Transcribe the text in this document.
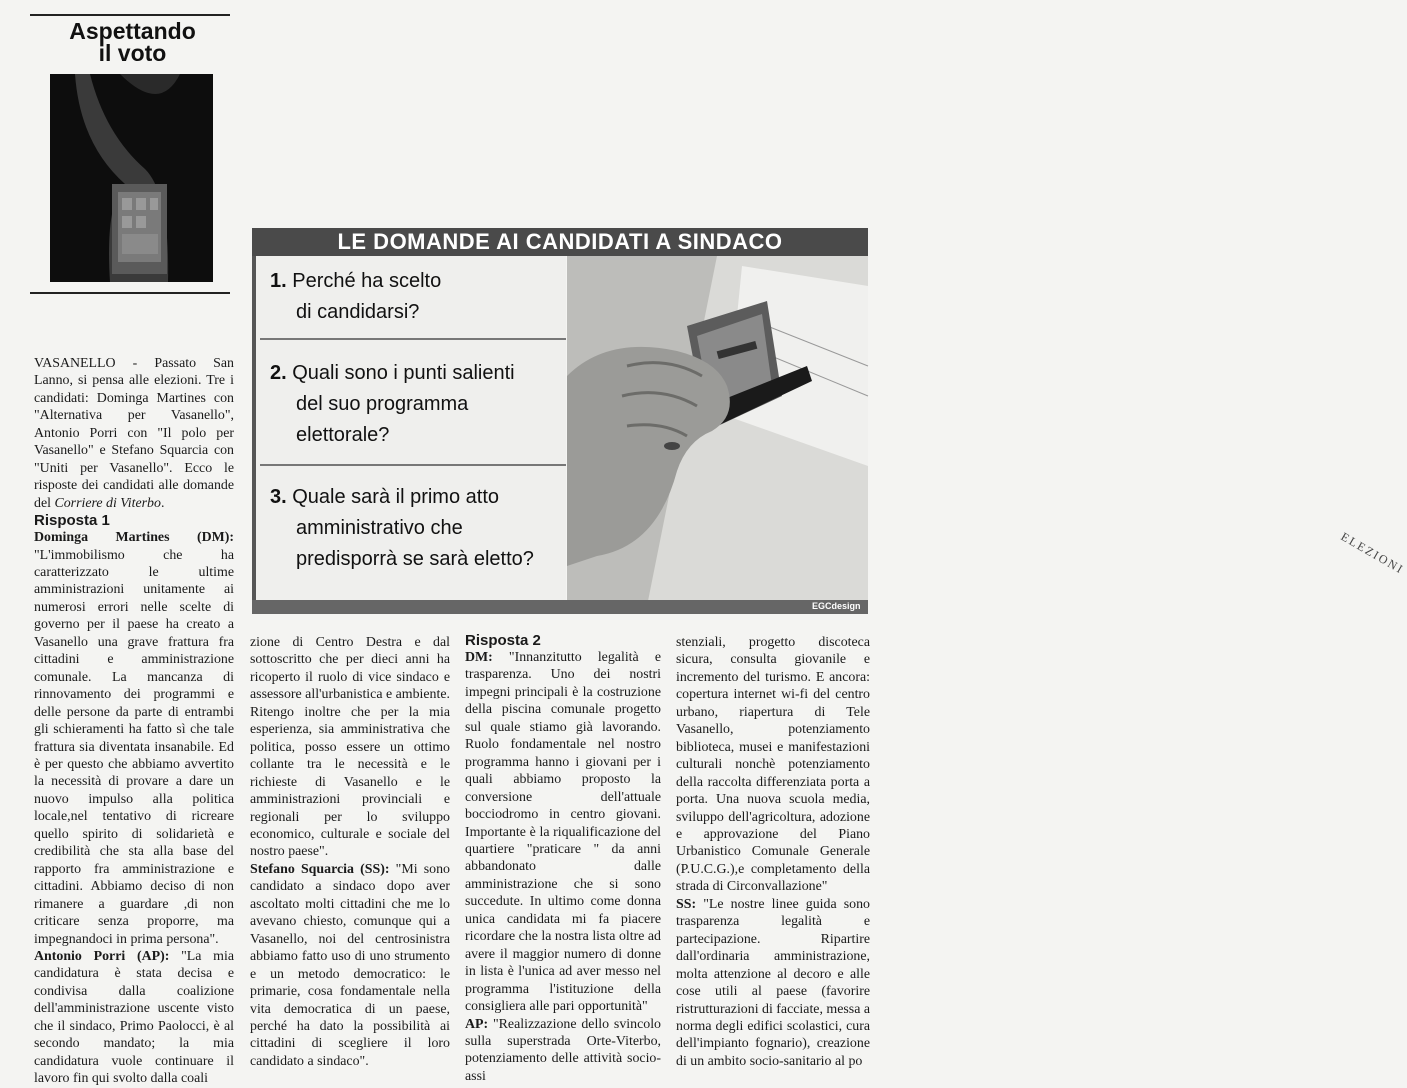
Aspettando
il voto

VASANELLO - Passato San Lanno, si pensa alle elezioni. Tre i candidati: Dominga Martines con "Alternativa per Vasanello", Antonio Porri con "Il polo per Vasanello" e Stefano Squarcia con "Uniti per Vasanello". Ecco le risposte dei candidati alle domande del Corriere di Viterbo.

Risposta 1

Dominga Martines (DM): "L'immobilismo che ha caratterizzato le ultime amministrazioni unitamente ai numerosi errori nelle scelte di governo per il paese ha creato a Vasanello una grave frattura fra cittadini e amministrazione comunale. La mancanza di rinnovamento dei programmi e delle persone da parte di entrambi gli schieramenti ha fatto sì che tale frattura sia diventata insanabile. Ed è per questo che abbiamo avvertito la necessità di provare a dare un nuovo impulso alla politica locale,nel tentativo di ricreare quello spirito di solidarietà e credibilità che sta alla base del rapporto fra amministrazione e cittadini. Abbiamo deciso di non rimanere a guardare ,di non criticare senza proporre, ma impegnandoci in prima persona".

Antonio Porri (AP): "La mia candidatura è stata decisa e condivisa dalla coalizione dell'amministrazione uscente visto che il sindaco, Primo Paolocci, è al secondo mandato; la mia candidatura vuole continuare il lavoro fin qui svolto dalla coali

LE DOMANDE AI CANDIDATI A SINDACO
1. Perché ha scelto
di candidarsi?
2. Quali sono i punti salienti
del suo programma
elettorale?
3. Quale sarà il primo atto
amministrativo che
predisporrà se sarà eletto?	ELEZIONI
EGCdesign

zione di Centro Destra e dal sottoscritto che per dieci anni ha ricoperto il ruolo di vice sindaco e assessore all'urbanistica e ambiente. Ritengo inoltre che per la mia esperienza, sia amministrativa che politica, posso essere un ottimo collante tra le necessità e le richieste di Vasanello e le amministrazioni provinciali e regionali per lo sviluppo economico, culturale e sociale del nostro paese".

Stefano Squarcia (SS): "Mi sono candidato a sindaco dopo aver ascoltato molti cittadini che me lo avevano chiesto, comunque qui a Vasanello, noi del centrosinistra abbiamo fatto uso di uno strumento e un metodo democratico: le primarie, cosa fondamentale nella vita democratica di un paese, perché ha dato la possibilità ai cittadini di scegliere il loro candidato a sindaco".

Risposta 2

DM: "Innanzitutto legalità e trasparenza. Uno dei nostri impegni principali è la costruzione della piscina comunale progetto sul quale stiamo già lavorando. Ruolo fondamentale nel nostro programma hanno i giovani per i quali abbiamo proposto la conversione dell'attuale bocciodromo in centro giovani. Importante è la riqualificazione del quartiere "praticare " da anni abbandonato dalle amministrazione che si sono succedute. In ultimo come donna unica candidata mi fa piacere ricordare che la nostra lista oltre ad avere il maggior numero di donne in lista è l'unica ad aver messo nel programma l'istituzione della consigliera alle pari opportunità"

AP: "Realizzazione dello svincolo sulla superstrada Orte-Viterbo, potenziamento delle attività socio-assi

stenziali, progetto discoteca sicura, consulta giovanile e incremento del turismo. E ancora: copertura internet wi-fi del centro urbano, riapertura di Tele Vasanello, potenziamento biblioteca, musei e manifestazioni culturali nonchè potenziamento della raccolta differenziata porta a porta. Una nuova scuola media, sviluppo dell'agricoltura, adozione e approvazione del Piano Urbanistico Comunale Generale (P.U.C.G.),e completamento della strada di Circonvallazione"

SS: "Le nostre linee guida sono trasparenza legalità e partecipazione. Ripartire dall'ordinaria amministrazione, molta attenzione al decoro e alle cose utili al paese (favorire ristrutturazioni di facciate, messa a norma degli edifici scolastici, cura dell'impianto fognario), creazione di un ambito socio-sanitario al po
